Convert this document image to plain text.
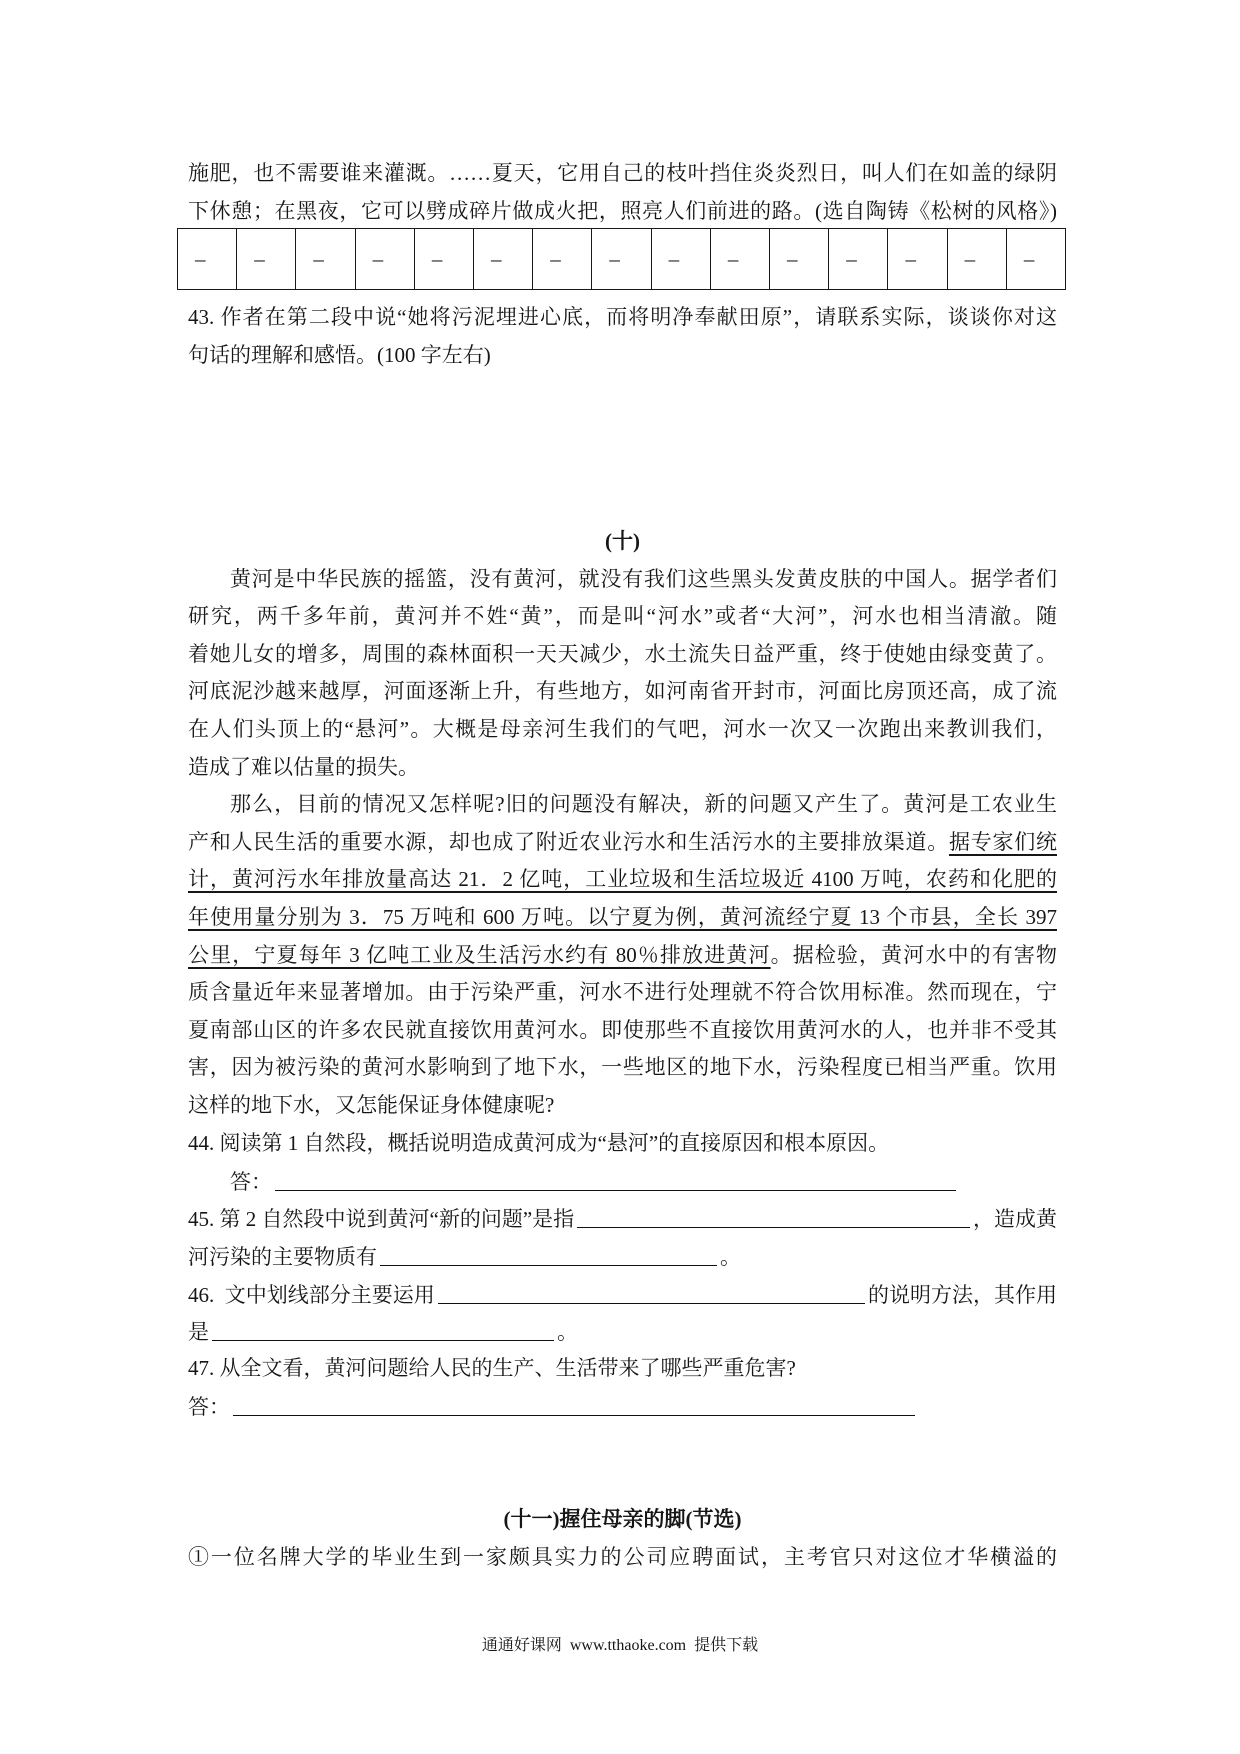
施肥，也不需要谁来灌溉。……夏天，它用自己的枝叶挡住炎炎烈日，叫人们在如盖的绿阴
下休憩；在黑夜，它可以劈成碎片做成火把，照亮人们前进的路。(选自陶铸《松树的风格》)
– – – – – – – – – – – – – – –
43. 作者在第二段中说“她将污泥埋进心底，而将明净奉献田原”，请联系实际，谈谈你对这
句话的理解和感悟。(100 字左右)
(十)
黄河是中华民族的摇篮，没有黄河，就没有我们这些黑头发黄皮肤的中国人。据学者们
研究，两千多年前，黄河并不姓“黄”，而是叫“河水”或者“大河”，河水也相当清澈。随
着她儿女的增多，周围的森林面积一天天减少，水土流失日益严重，终于使她由绿变黄了。
河底泥沙越来越厚，河面逐渐上升，有些地方，如河南省开封市，河面比房顶还高，成了流
在人们头顶上的“悬河”。大概是母亲河生我们的气吧，河水一次又一次跑出来教训我们，
造成了难以估量的损失。
那么，目前的情况又怎样呢?旧的问题没有解决，新的问题又产生了。黄河是工农业生
产和人民生活的重要水源，却也成了附近农业污水和生活污水的主要排放渠道。据专家们统
计，黄河污水年排放量高达 21．2 亿吨，工业垃圾和生活垃圾近 4100 万吨，农药和化肥的
年使用量分别为 3．75 万吨和 600 万吨。以宁夏为例，黄河流经宁夏 13 个市县，全长 397
公里，宁夏每年 3 亿吨工业及生活污水约有 80％排放进黄河。据检验，黄河水中的有害物
质含量近年来显著增加。由于污染严重，河水不进行处理就不符合饮用标准。然而现在，宁
夏南部山区的许多农民就直接饮用黄河水。即使那些不直接饮用黄河水的人，也并非不受其
害，因为被污染的黄河水影响到了地下水，一些地区的地下水，污染程度已相当严重。饮用
这样的地下水，又怎能保证身体健康呢?
44. 阅读第 1 自然段，概括说明造成黄河成为“悬河”的直接原因和根本原因。
答：
45. 第 2 自然段中说到黄河“新的问题”是指	，造成黄
河污染的主要物质有	。
46.  文中划线部分主要运用	的说明方法，其作用
是	。
47. 从全文看，黄河问题给人民的生产、生活带来了哪些严重危害?
答：
(十一)握住母亲的脚(节选)
①一位名牌大学的毕业生到一家颇具实力的公司应聘面试，主考官只对这位才华横溢的
通通好课网  www.tthaoke.com  提供下载
